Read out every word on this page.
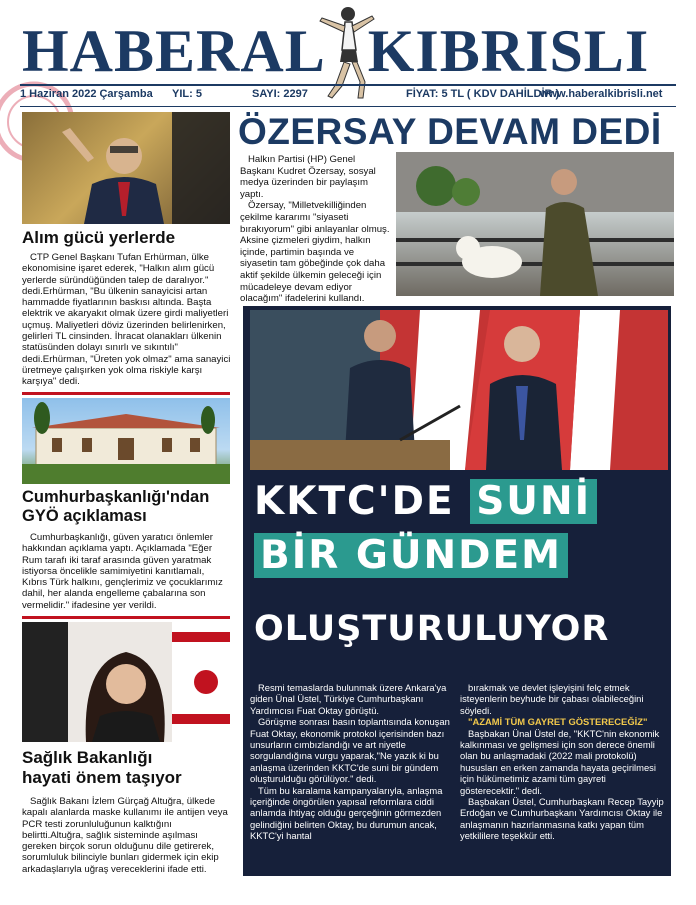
HABERAL KIBRISLI
1 Haziran 2022 Çarşamba YIL: 5	SAYI: 2297	FİYAT: 5 TL ( KDV DAHİLDİR )
www.haberalkibrisli.net
Alım gücü yerlerde

CTP Genel Başkanı Tufan Erhürman, ülke ekonomisine işaret ederek, "Halkın alım gücü yerlerde süründüğünden talep de daralıyor." dedi.Erhürman, "Bu ülkenin sanayicisi artan hammadde fiyatlarının baskısı altında. Başta elektrik ve akaryakıt olmak üzere girdi maliyetleri uçmuş. Maliyetleri döviz üzerinden belirlenirken, gelirleri TL cinsinden. İhracat olanakları ülkenin statüsünden dolayı sınırlı ve sıkıntılı" dedi.Erhürman, "Üreten yok olmaz" ama sanayici üretmeye çalışırken yok olma riskiyle karşı karşıya" dedi.

Cumhurbaşkanlığı'ndan
GYÖ açıklaması

Cumhurbaşkanlığı, güven yaratıcı önlemler hakkından açıklama yaptı. Açıklamada "Eğer Rum tarafı iki taraf arasında güven yaratmak istiyorsa öncelikle samimiyetini kanıtlamalı, Kıbrıs Türk halkını, gençlerimiz ve çocuklarımız dahil, her alanda engelleme çabalarına son vermelidir." ifadesine yer verildi.

Sağlık Bakanlığı
hayati önem taşıyor

Sağlık Bakanı İzlem Gürçağ Altuğra, ülkede kapalı alanlarda maske kullanımı ile antijen veya PCR testi zorunluluğunun kalktığını belirtti.Altuğra, sağlık sisteminde aşılması gereken birçok sorun olduğunu dile getirerek, sorumluluk bilinciyle bunları gidermek için ekip arkadaşlarıyla uğraş vereceklerini ifade etti.

ÖZERSAY DEVAM DEDİ

Halkın Partisi (HP) Genel Başkanı Kudret Özersay, sosyal medya üzerinden bir paylaşım yaptı.

Özersay, "Milletvekilliğinden çekilme kararımı "siyaseti bırakıyorum" gibi anlayanlar olmuş. Aksine çizmeleri giydim, halkın içinde, partimin başında ve siyasetin tam göbeğinde çok daha aktif şekilde ülkemin geleceği için mücadeleye devam ediyor olacağım" ifadelerini kullandı.

KKTC'DE SUNİ
BİR GÜNDEM
OLUŞTURULUYOR

Resmi temaslarda bulunmak üzere Ankara'ya giden Ünal Üstel, Türkiye Cumhurbaşkanı Yardımcısı Fuat Oktay görüştü.

Görüşme sonrası basın toplantısında konuşan Fuat Oktay, ekonomik protokol içerisinden bazı unsurların cımbızlandığı ve art niyetle sorgulandığına vurgu yaparak,"Ne yazık ki bu anlaşma üzerinden KKTC'de suni bir gündem oluşturulduğu görülüyor." dedi.

Tüm bu karalama kampanyalarıyla, anlaşma içeriğinde öngörülen yapısal reformlara ciddi anlamda ihtiyaç olduğu gerçeğinin görmezden gelindiğini belirten Oktay, bu durumun ancak, KKTC'yi hantal

bırakmak ve devlet işleyişini felç etmek isteyenlerin beyhude bir çabası olabileceğini söyledi.

"AZAMİ TÜM GAYRET GÖSTERECEĞİZ"

Başbakan Ünal Üstel de, "KKTC'nin ekonomik kalkınması ve gelişmesi için son derece önemli olan bu anlaşmadaki (2022 mali protokolü) hususları en erken zamanda hayata geçirilmesi için hükümetimiz azami tüm gayreti gösterecektir." dedi.

Başbakan Üstel, Cumhurbaşkanı Recep Tayyip Erdoğan ve Cumhurbaşkanı Yardımcısı Oktay ile anlaşmanın hazırlanmasına katkı yapan tüm yetkililere teşekkür etti.
